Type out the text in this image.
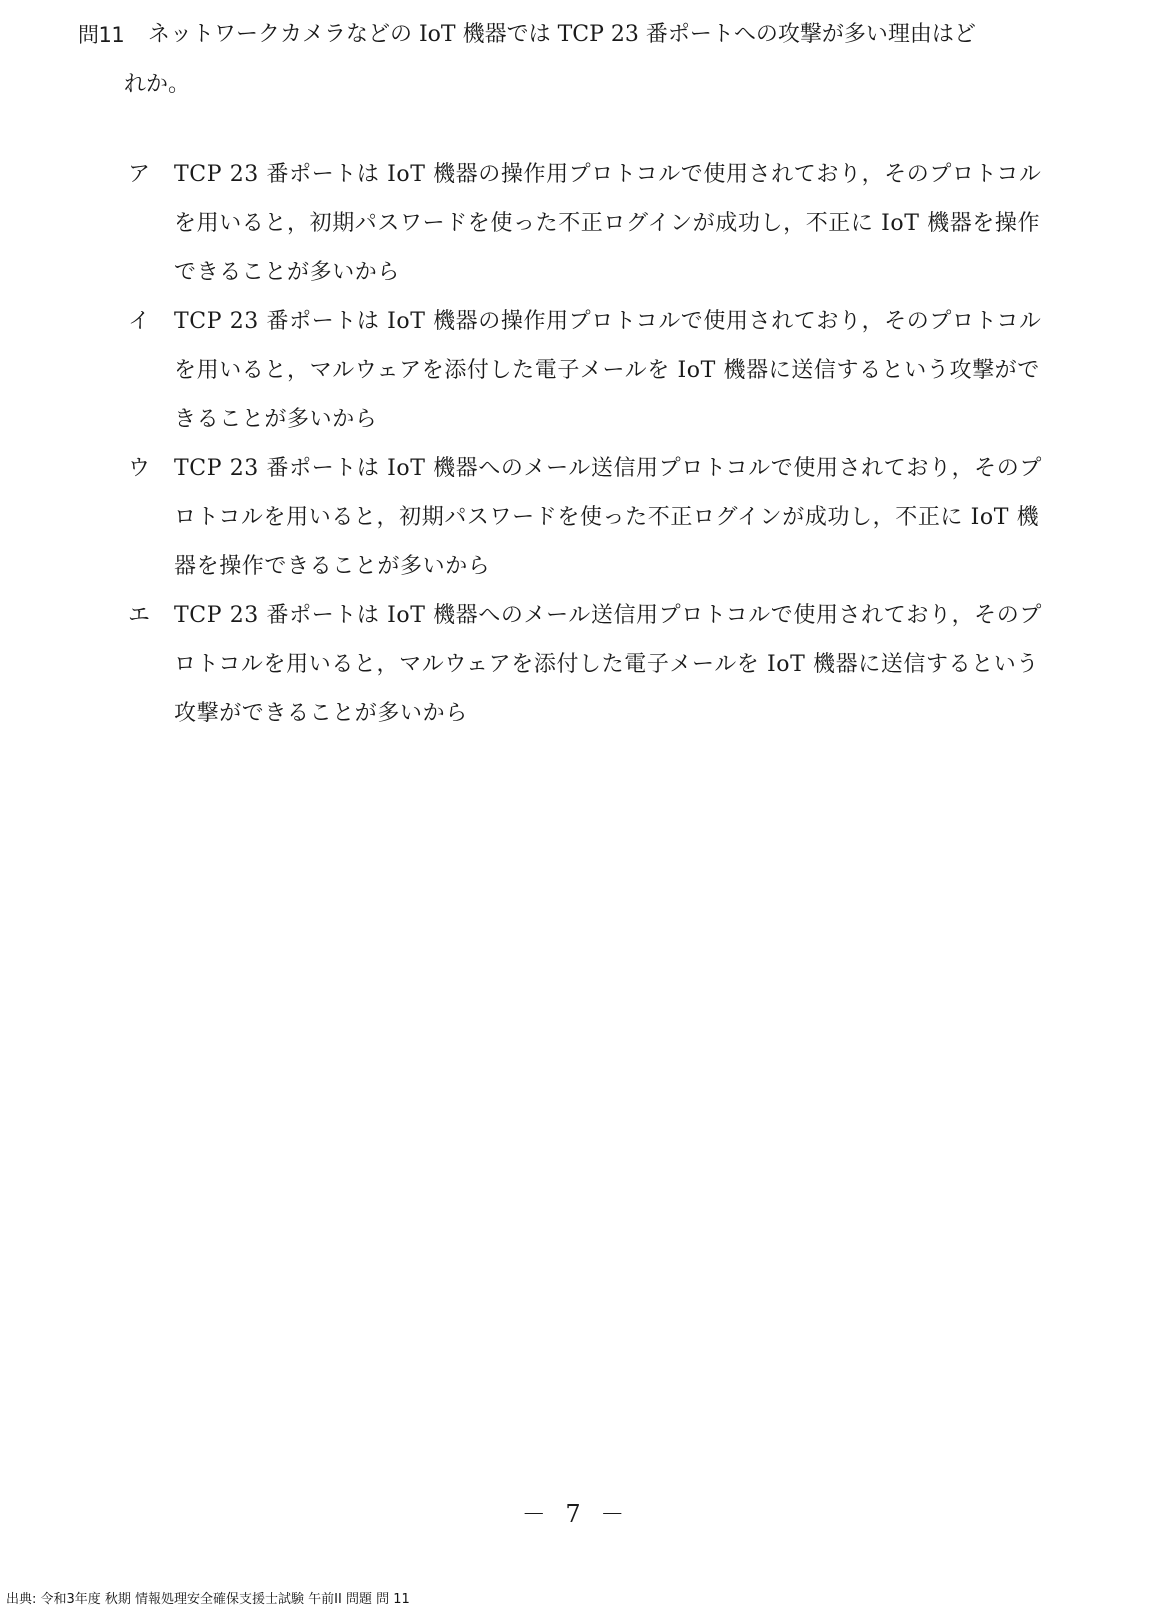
問11	ネットワークカメラなどの IoT 機器では TCP 23 番ポートへの攻撃が多い理由はど
れか。
ア	TCP 23 番ポートは IoT 機器の操作用プロトコルで使用されており，そのプロトコルを用いると，初期パスワードを使った不正ログインが成功し，不正に IoT 機器を操作できることが多いから
イ	TCP 23 番ポートは IoT 機器の操作用プロトコルで使用されており，そのプロトコルを用いると，マルウェアを添付した電子メールを IoT 機器に送信するという攻撃ができることが多いから
ウ	TCP 23 番ポートは IoT 機器へのメール送信用プロトコルで使用されており，そのプロトコルを用いると，初期パスワードを使った不正ログインが成功し，不正に IoT 機器を操作できることが多いから
エ	TCP 23 番ポートは IoT 機器へのメール送信用プロトコルで使用されており，そのプロトコルを用いると，マルウェアを添付した電子メールを IoT 機器に送信するという攻撃ができることが多いから
－ 7 －
出典: 令和3年度 秋期 情報処理安全確保支援士試験 午前II 問題 問 11
